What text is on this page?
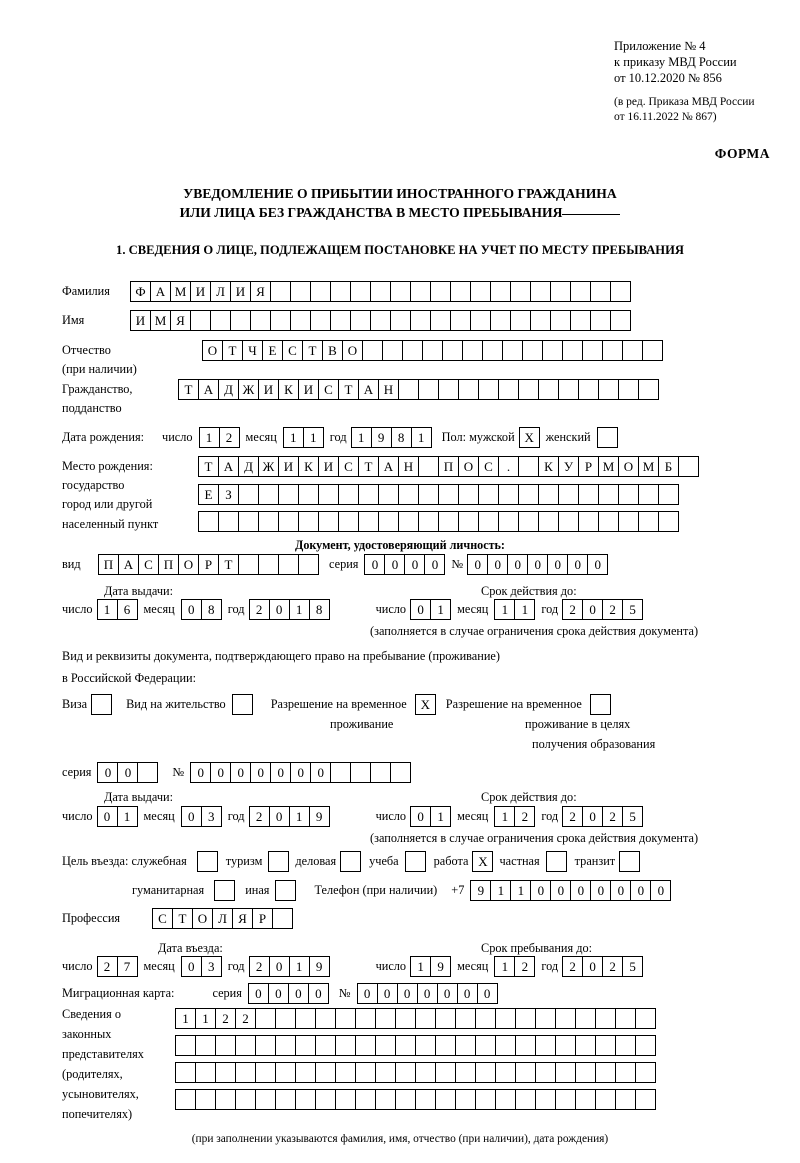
Приложение № 4
к приказу МВД России
от 10.12.2020 № 856
(в ред. Приказа МВД России
от 16.11.2022 № 867)
ФОРМА
УВЕДОМЛЕНИЕ О ПРИБЫТИИ ИНОСТРАННОГО ГРАЖДАНИНА
ИЛИ ЛИЦА БЕЗ ГРАЖДАНСТВА В МЕСТО ПРЕБЫВАНИЯ
1. СВЕДЕНИЯ О ЛИЦЕ, ПОДЛЕЖАЩЕМ ПОСТАНОВКЕ НА УЧЕТ ПО МЕСТУ ПРЕБЫВАНИЯ
Фамилия	Ф А М И Л И Я
Имя	И М Я
Отчество	О Т Ч Е С Т В О
(при наличии)
Гражданство,	Т А Д Ж И К И С Т А Н
подданство
Дата рождения: число	1	2	месяц	1	1	год 1	9	8	1	Пол: мужской X женский
Место рождения:	Т А Д Ж И К И С Т А Н	П О С	.	К У Р М О М Б
государство
Е З
город или другой
населенный пункт
Документ, удостоверяющий личность:
вид	П А С П О Р Т	серия	0	0	0	0	№ 0	0	0	0	0	0	0
Дата выдачи:	Срок действия до:
число 1	6	месяц	0	8	год 2	0	1	8	число 0	1	месяц	1	1	год 2	0	2	5
(заполняется в случае ограничения срока действия документа)
Вид и реквизиты документа, подтверждающего право на пребывание (проживание)
в Российской Федерации:
Виза	Вид на жительство	Разрешение на временное	X	Разрешение на временное
проживание	проживание в целях
получения образования
серия	0	0	№	0	0	0	0	0	0	0
Дата выдачи:	Срок действия до:
число 0	1	месяц	0	3	год 2	0	1	9	число 0	1	месяц	1	2	год 2	0	2	5
(заполняется в случае ограничения срока действия документа)
Цель въезда: служебная	туризм	деловая	учеба	работа X частная	транзит
гуманитарная	иная	Телефон (при наличии) +7	9	1	1	0	0	0	0	0	0	0
Профессия	С Т О Л Я Р
Дата въезда:	Срок пребывания до:
число 2	7	месяц	0	3	год 2	0	1	9	число 1	9	месяц	1	2	год 2	0	2	5
Миграционная карта:	серия	0	0	0	0	№	0	0	0	0	0	0	0
Сведения о
законных
представителях
(родителях,
усыновителях,
попечителях)
1	1	2	2
(при заполнении указываются фамилия, имя, отчество (при наличии), дата рождения)
